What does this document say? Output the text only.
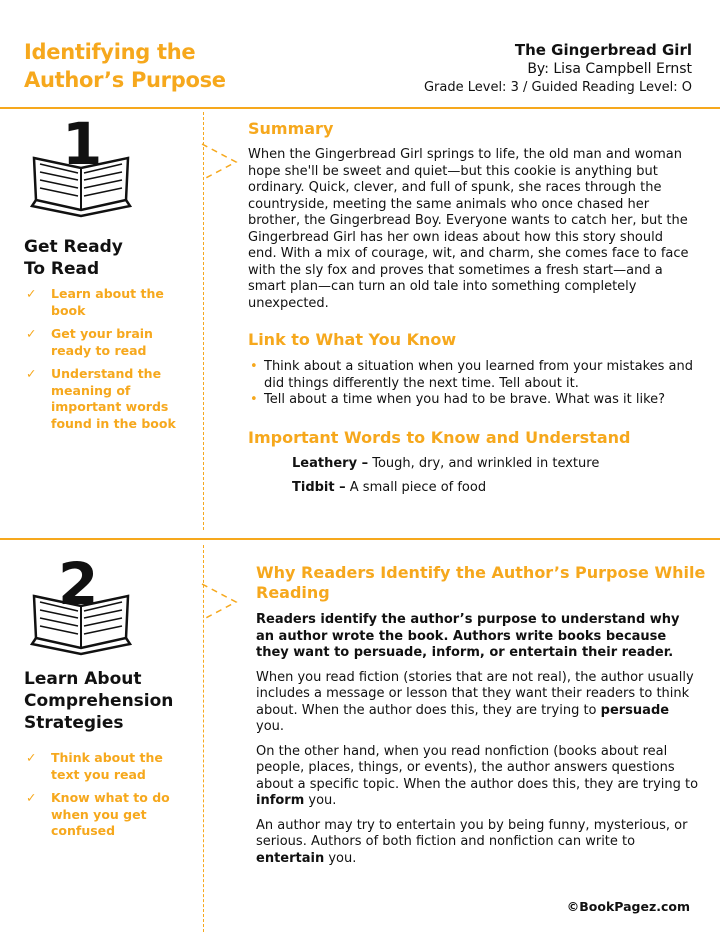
Identifying the
Author’s Purpose
The Gingerbread Girl
By: Lisa Campbell Ernst
Grade Level: 3 / Guided Reading Level: O
1
Get Ready
To Read
✓ Learn about the book
✓ Get your brain ready to read
✓ Understand the meaning of important words found in the book
Summary
When the Gingerbread Girl springs to life, the old man and woman hope she'll be sweet and quiet—but this cookie is anything but ordinary. Quick, clever, and full of spunk, she races through the countryside, meeting the same animals who once chased her brother, the Gingerbread Boy. Everyone wants to catch her, but the Gingerbread Girl has her own ideas about how this story should end. With a mix of courage, wit, and charm, she comes face to face with the sly fox and proves that sometimes a fresh start—and a smart plan—can turn an old tale into something completely unexpected.
Link to What You Know
• Think about a situation when you learned from your mistakes and did things differently the next time. Tell about it.
• Tell about a time when you had to be brave. What was it like?
Important Words to Know and Understand
Leathery – Tough, dry, and wrinkled in texture
Tidbit – A small piece of food
2
Learn About
Comprehension
Strategies
✓ Think about the text you read
✓ Know what to do when you get confused
Why Readers Identify the Author’s Purpose While
Reading

Readers identify the author’s purpose to understand why an author wrote the book. Authors write books because they want to persuade, inform, or entertain their reader.

When you read fiction (stories that are not real), the author usually includes a message or lesson that they want their readers to think about. When the author does this, they are trying to persuade you.

On the other hand, when you read nonfiction (books about real people, places, things, or events), the author answers questions about a specific topic. When the author does this, they are trying to inform you.

An author may try to entertain you by being funny, mysterious, or serious. Authors of both fiction and nonfiction can write to entertain you.

©BookPagez.com
